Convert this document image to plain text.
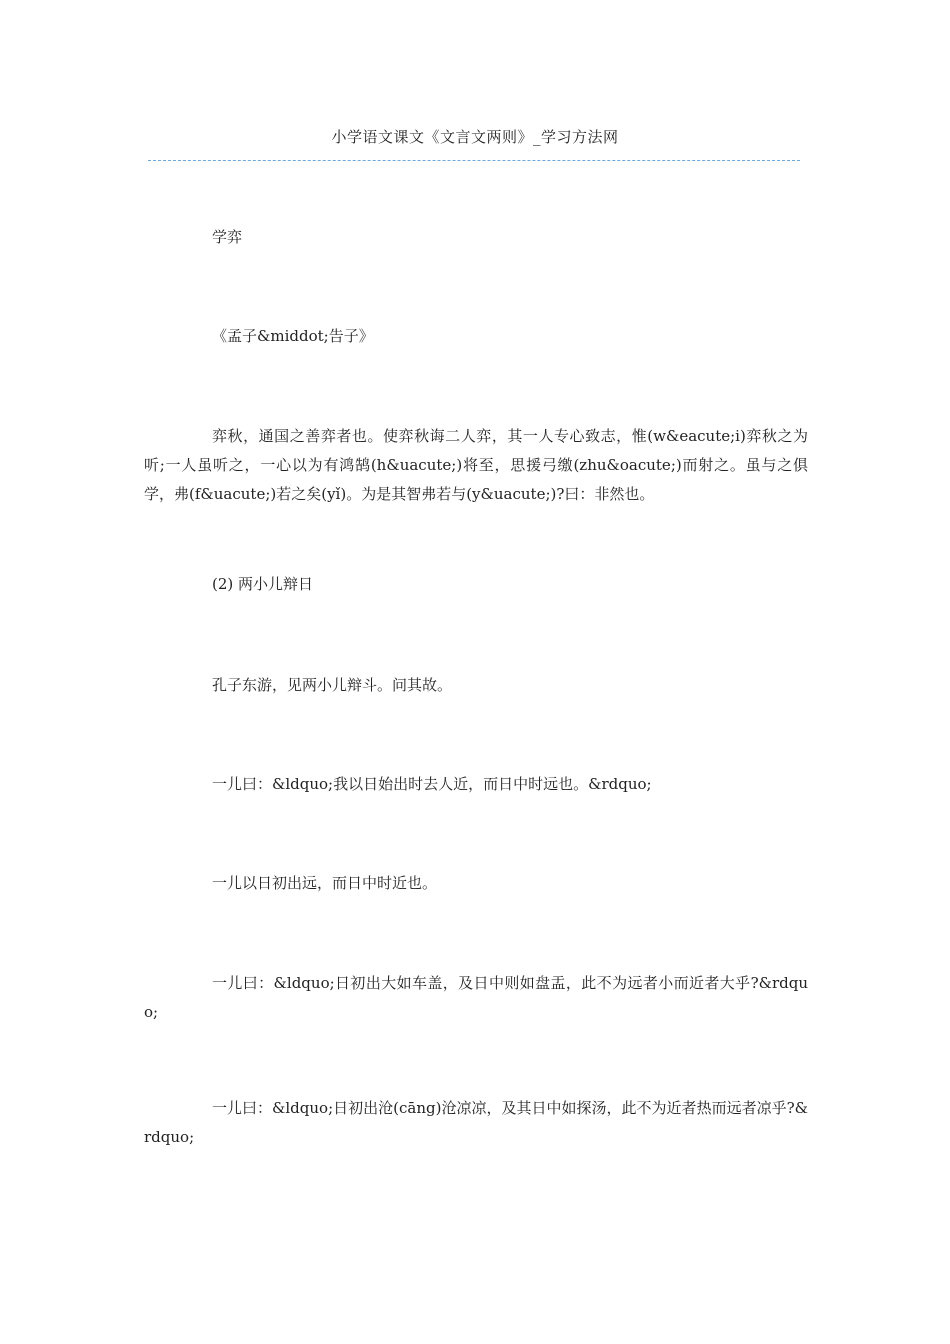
小学语文课文《文言文两则》_学习方法网

学弈

《孟子&middot;告子》

弈秋，通国之善弈者也。使弈秋诲二人弈，其一人专心致志，惟(w&eacute;i)弈秋之为听;一人虽听之，一心以为有鸿鹄(h&uacute;)将至，思援弓缴(zhu&oacute;)而射之。虽与之俱学，弗(f&uacute;)若之矣(yǐ)。为是其智弗若与(y&uacute;)?曰：非然也。

(2) 两小儿辩日

孔子东游，见两小儿辩斗。问其故。

一儿曰：&ldquo;我以日始出时去人近，而日中时远也。&rdquo;

一儿以日初出远，而日中时近也。

一儿曰：&ldquo;日初出大如车盖，及日中则如盘盂，此不为远者小而近者大乎?&rdquo;

一儿曰：&ldquo;日初出沧(cāng)沧凉凉，及其日中如探汤，此不为近者热而远者凉乎?&rdquo;
